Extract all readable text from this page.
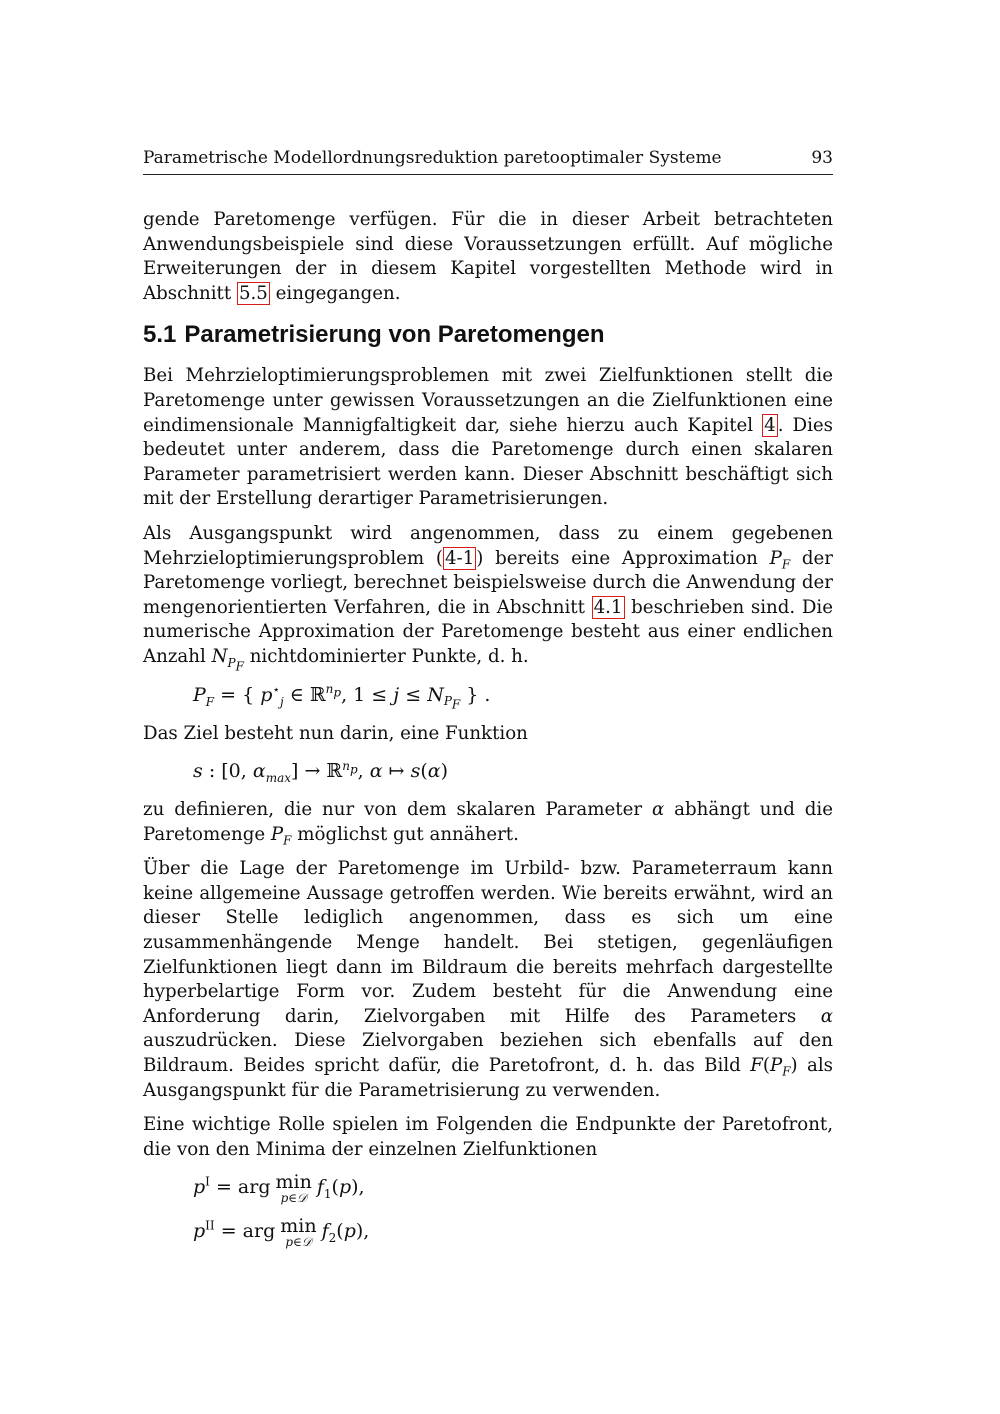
Parametrische Modellordnungsreduktion paretooptimaler Systeme	93

gende Paretomenge verfügen. Für die in dieser Arbeit betrachteten Anwendungsbeispiele sind diese Voraussetzungen erfüllt. Auf mögliche Erweiterungen der in diesem Kapitel vorgestellten Methode wird in Abschnitt 5.5 eingegangen.

5.1 Parametrisierung von Paretomengen

Bei Mehrzieloptimierungsproblemen mit zwei Zielfunktionen stellt die Paretomenge unter gewissen Voraussetzungen an die Zielfunktionen eine eindimensionale Mannigfaltigkeit dar, siehe hierzu auch Kapitel 4 . Dies bedeutet unter anderem, dass die Paretomenge durch einen skalaren Parameter parametrisiert werden kann. Dieser Abschnitt beschäftigt sich mit der Erstellung derartiger Parametrisierungen.

Als Ausgangspunkt wird angenommen, dass zu einem gegebenen Mehrzieloptimierungsproblem ( 4-1 ) bereits eine Approximation $P_F$ der Paretomenge vorliegt, berechnet beispielsweise durch die Anwendung der mengenorientierten Verfahren, die in Abschnitt 4.1 beschrieben sind. Die numerische Approximation der Paretomenge besteht aus einer endlichen Anzahl $N_{P_F}$ nichtdominierter Punkte, d. h.

$P_F$ = { $p^⋆_j$ ∈ ℝ$^{n_p}$, $1 \le j \le N_{P_F}$ } .

Das Ziel besteht nun darin, eine Funktion

s : [0, $\alpha_{max}$] → ℝ$^{n_p}$, α ↦ s(α)

zu definieren, die nur von dem skalaren Parameter α abhängt und die Paretomenge $P_F$ möglichst gut annähert.

Über die Lage der Paretomenge im Urbild- bzw. Parameterraum kann keine allgemeine Aussage getroffen werden. Wie bereits erwähnt, wird an dieser Stelle lediglich angenommen, dass es sich um eine zusammenhängende Menge handelt. Bei stetigen, gegenläufigen Zielfunktionen liegt dann im Bildraum die bereits mehrfach dargestellte hyperbelartige Form vor. Zudem besteht für die Anwendung eine Anforderung darin, Zielvorgaben mit Hilfe des Parameters α auszudrücken. Diese Zielvorgaben beziehen sich ebenfalls auf den Bildraum. Beides spricht dafür, die Paretofront, d. h. das Bild $F(P_F)$ als Ausgangspunkt für die Parametrisierung zu verwenden.

Eine wichtige Rolle spielen im Folgenden die Endpunkte der Paretofront, die von den Minima der einzelnen Zielfunktionen

$p^I$ = arg min
p∈𝒟 $f_1(p)$,
$p^{II}$ = arg min
p∈𝒟 $f_2(p)$,
